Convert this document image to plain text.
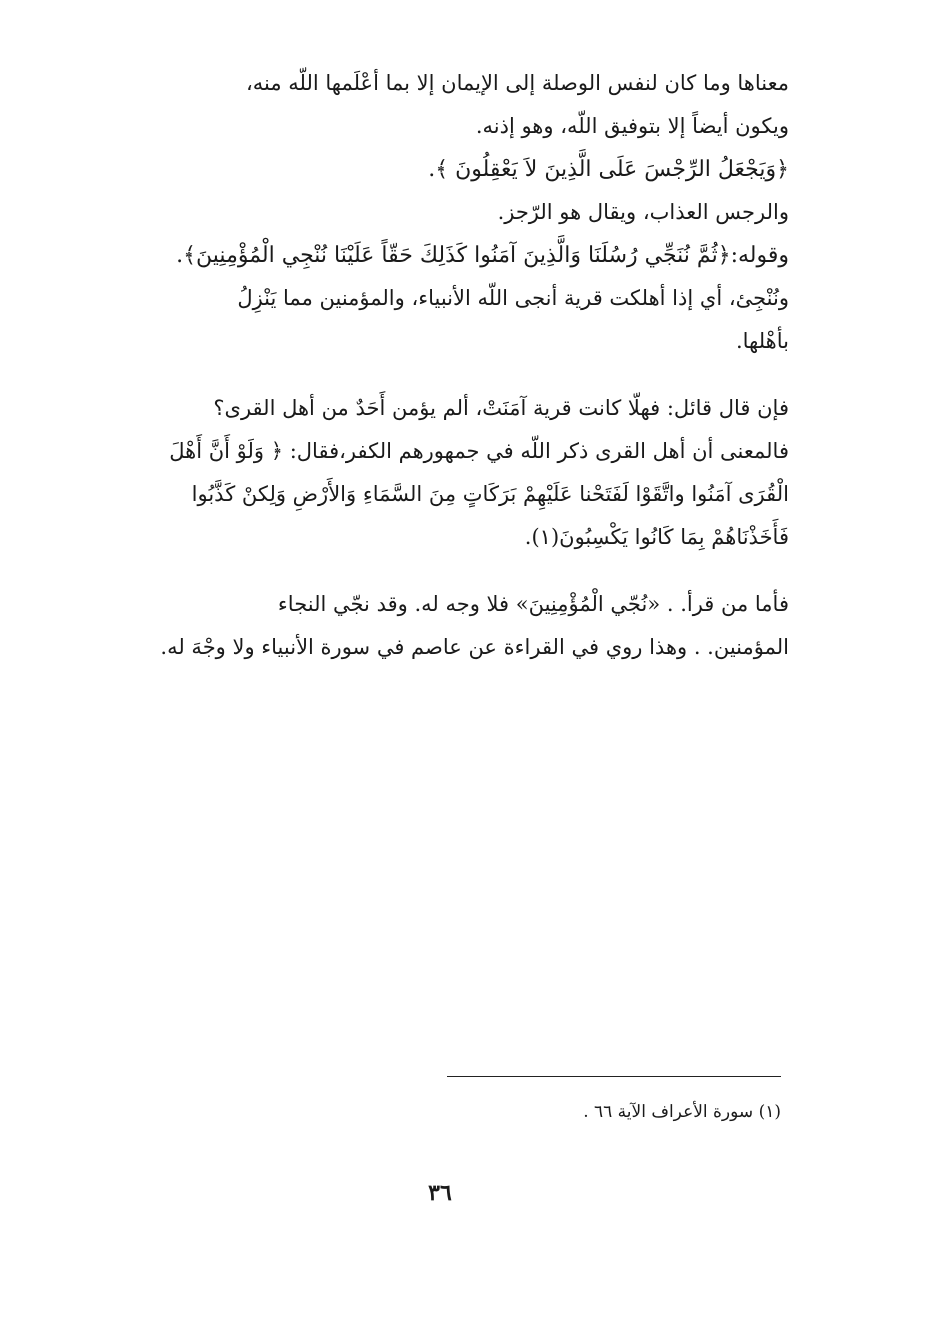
معناها وما كان لنفس الوصلة إلى الإيمان إلا بما أعْلَمها اللّه منه،
ويكون أيضاً إلا بتوفيق اللّه، وهو إذنه.

﴿وَيَجْعَلُ الرِّجْسَ عَلَى الَّذِينَ لاَ يَعْقِلُونَ ﴾.

والرجس العذاب، ويقال هو الرّجز.

وقوله:﴿ثُمَّ نُنَجِّي رُسُلَنَا وَالَّذِينَ آمَنُوا كَذَلِكَ حَقّاً عَلَيْنَا نُنْجِي الْمُؤْمِنِينَ﴾.

ونُنْجِئ، أي إذا أهلكت قرية أنجى اللّه الأنبياء، والمؤمنين مما يَنْزِلُ
بأهْلها.

فإن قال قائل: فهلّا كانت قرية آمَنَتْ، ألم يؤمن أَحَدٌ من أهل القرى؟
فالمعنى أن أهل القرى ذكر اللّه في جمهورهم الكفر،فقال: ﴿ وَلَوْ أَنَّ أَهْلَ
الْقُرَى آمَنُوا واتَّقَوْا لَفَتَحْنا عَلَيْهِمْ بَرَكَاتٍ مِنَ السَّمَاءِ وَالأَرْضِ وَلِكنْ كَذَّبُوا
فَأَخَذْنَاهُمْ بِمَا كَانُوا يَكْسِبُونَ(١).

فأما من قرأ. . «نُجّي الْمُؤْمِنِينَ» فلا وجه له. وقد نجّي النجاء
المؤمنين. . وهذا روي في القراءة عن عاصم في سورة الأنبياء ولا وجْهَ له.

(١) سورة الأعراف الآية ٦٦ .
٣٦
